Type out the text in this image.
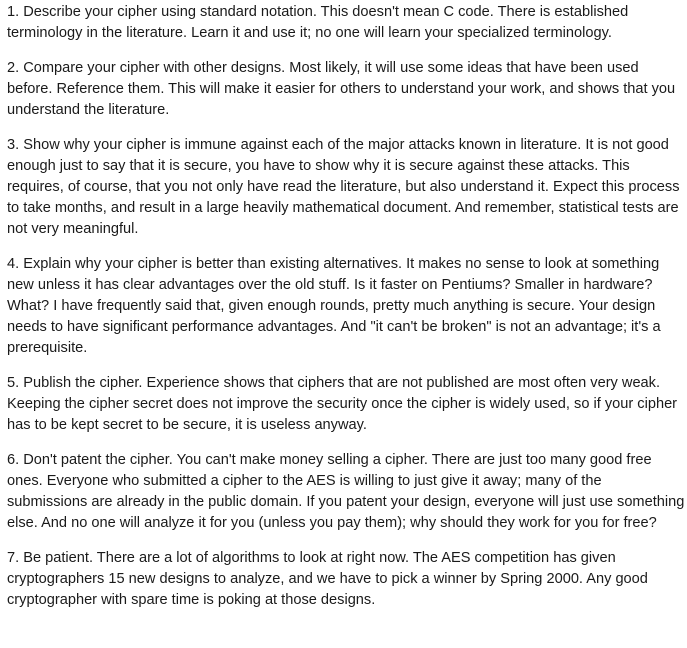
1. Describe your cipher using standard notation. This doesn't mean C code. There is established terminology in the literature. Learn it and use it; no one will learn your specialized terminology.

2. Compare your cipher with other designs. Most likely, it will use some ideas that have been used before. Reference them. This will make it easier for others to understand your work, and shows that you understand the literature.

3. Show why your cipher is immune against each of the major attacks known in literature. It is not good enough just to say that it is secure, you have to show why it is secure against these attacks. This requires, of course, that you not only have read the literature, but also understand it. Expect this process to take months, and result in a large heavily mathematical document. And remember, statistical tests are not very meaningful.

4. Explain why your cipher is better than existing alternatives. It makes no sense to look at something new unless it has clear advantages over the old stuff. Is it faster on Pentiums? Smaller in hardware? What? I have frequently said that, given enough rounds, pretty much anything is secure. Your design needs to have significant performance advantages. And "it can't be broken" is not an advantage; it's a prerequisite.

5. Publish the cipher. Experience shows that ciphers that are not published are most often very weak. Keeping the cipher secret does not improve the security once the cipher is widely used, so if your cipher has to be kept secret to be secure, it is useless anyway.

6. Don't patent the cipher. You can't make money selling a cipher. There are just too many good free ones. Everyone who submitted a cipher to the AES is willing to just give it away; many of the submissions are already in the public domain. If you patent your design, everyone will just use something else. And no one will analyze it for you (unless you pay them); why should they work for you for free?

7. Be patient. There are a lot of algorithms to look at right now. The AES competition has given cryptographers 15 new designs to analyze, and we have to pick a winner by Spring 2000. Any good cryptographer with spare time is poking at those designs.
